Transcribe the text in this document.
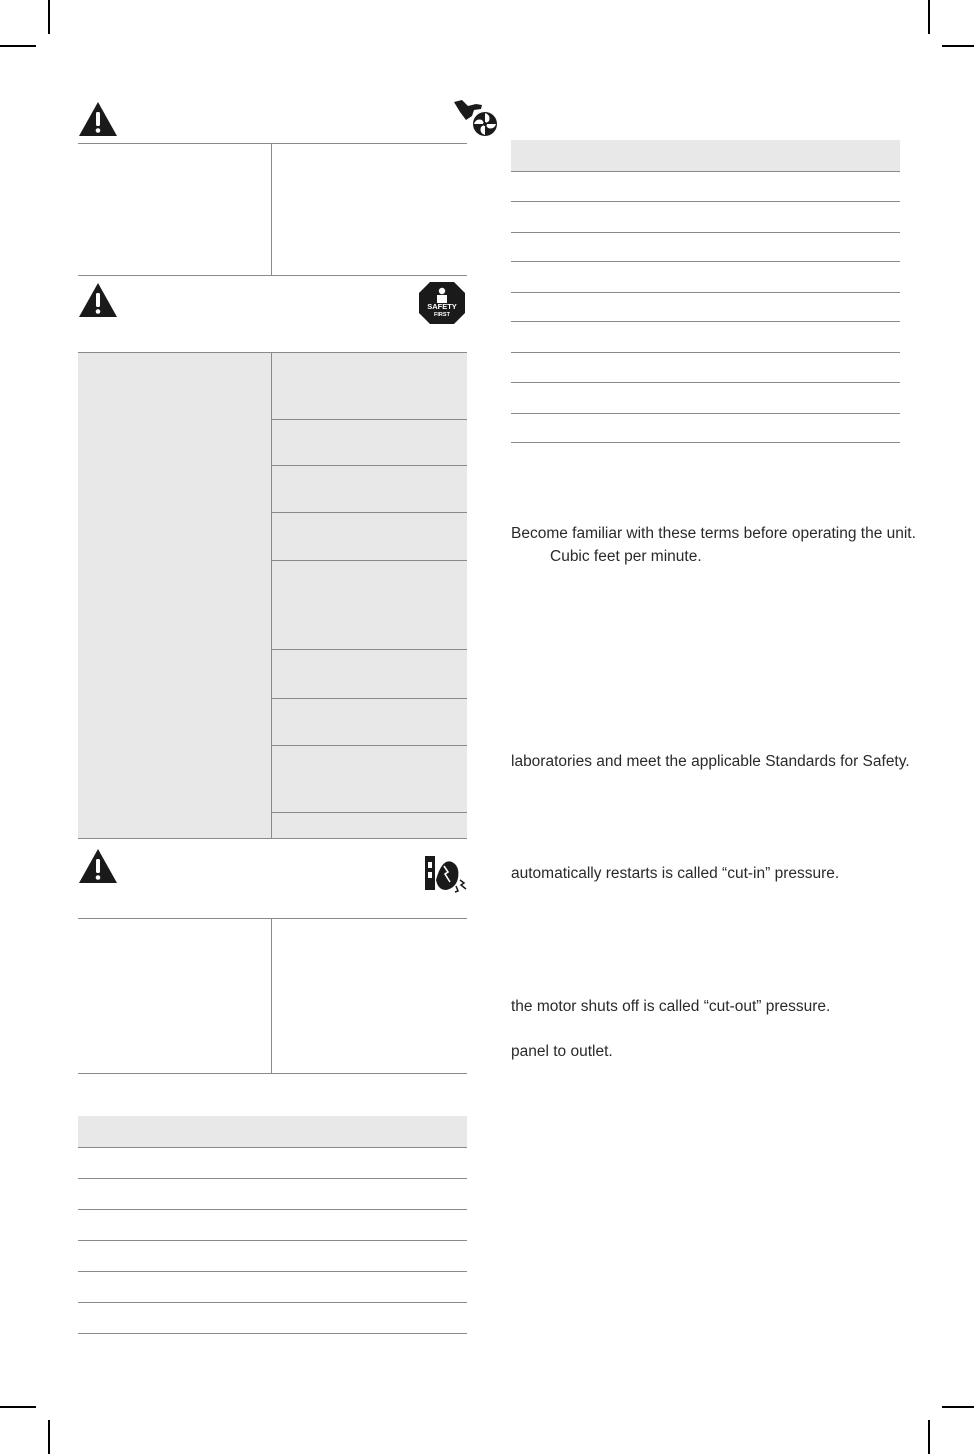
SAFETY
FIRST
Become familiar with these terms before operating the unit.
Cubic feet per minute.
laboratories and meet the applicable Standards for Safety.
automatically restarts is called “cut-in” pressure.
the motor shuts off is called “cut-out” pressure.
panel to outlet.
